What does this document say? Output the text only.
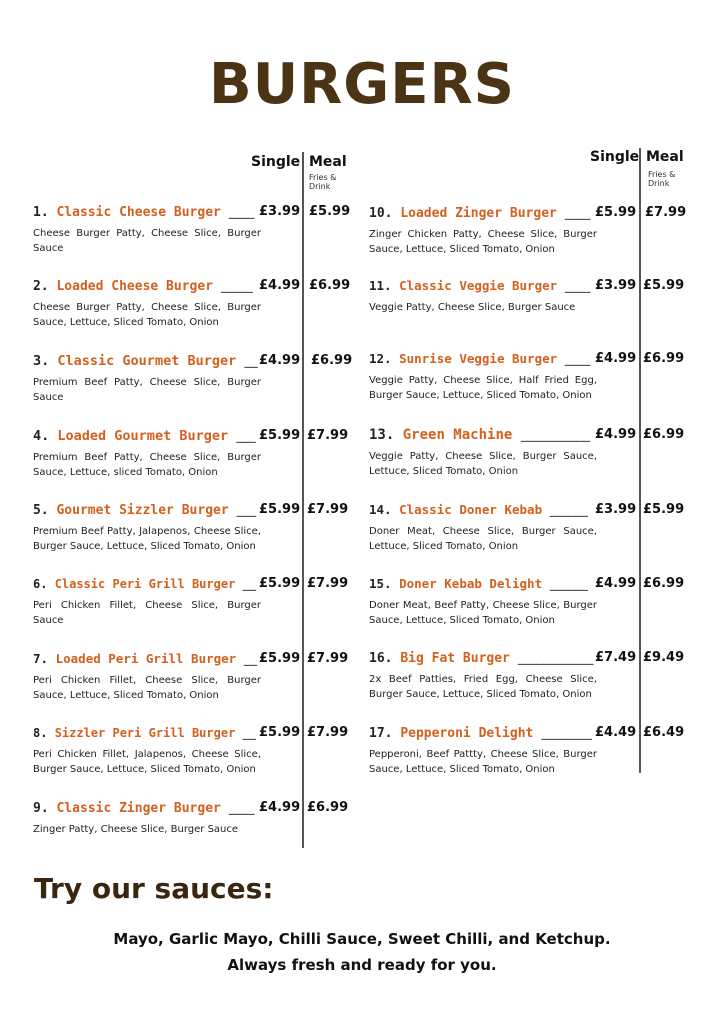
BURGERS
Single Meal
Fries & Drink
Single Meal
Fries & Drink
1. Classic Cheese Burger ____ £3.99 £5.99
Cheese Burger Patty, Cheese Slice, Burger Sauce
2. Loaded Cheese Burger _____ £4.99 £6.99
Cheese Burger Patty, Cheese Slice, Burger Sauce, Lettuce, Sliced Tomato, Onion
3. Classic Gourmet Burger __ £4.99 £6.99
Premium Beef Patty, Cheese Slice, Burger Sauce
4. Loaded Gourmet Burger ___ £5.99 £7.99
Premium Beef Patty, Cheese Slice, Burger Sauce, Lettuce, sliced Tomato, Onion
5. Gourmet Sizzler Burger ___ £5.99 £7.99
Premium Beef Patty, Jalapenos, Cheese Slice, Burger Sauce, Lettuce, Sliced Tomato, Onion
6. Classic Peri Grill Burger __ £5.99 £7.99
Peri Chicken Fillet, Cheese Slice, Burger Sauce
7. Loaded Peri Grill Burger __ £5.99 £7.99
Peri Chicken Fillet, Cheese Slice, Burger Sauce, Lettuce, Sliced Tomato, Onion
8. Sizzler Peri Grill Burger __ £5.99 £7.99
Peri Chicken Fillet, Jalapenos, Cheese Slice, Burger Sauce, Lettuce, Sliced Tomato, Onion
9. Classic Zinger Burger ____ £4.99 £6.99
Zinger Patty, Cheese Slice, Burger Sauce
10. Loaded Zinger Burger ____ £5.99 £7.99
Zinger Chicken Patty, Cheese Slice, Burger Sauce, Lettuce, Sliced Tomato, Onion
11. Classic Veggie Burger ____ £3.99 £5.99
Veggie Patty, Cheese Slice, Burger Sauce
12. Sunrise Veggie Burger ____ £4.99 £6.99
Veggie Patty, Cheese Slice, Half Fried Egg, Burger Sauce, Lettuce, Sliced Tomato, Onion
13. Green Machine ___________ £4.99 £6.99
Veggie Patty, Cheese Slice, Burger Sauce, Lettuce, Sliced Tomato, Onion
14. Classic Doner Kebab ______ £3.99 £5.99
Doner Meat, Cheese Slice, Burger Sauce, Lettuce, Sliced Tomato, Onion
15. Doner Kebab Delight ______ £4.99 £6.99
Doner Meat, Beef Patty, Cheese Slice, Burger Sauce, Lettuce, Sliced Tomato, Onion
16. Big Fat Burger ____________ £7.49 £9.49
2x Beef Patties, Fried Egg, Cheese Slice, Burger Sauce, Lettuce, Sliced Tomato, Onion
17. Pepperoni Delight ________ £4.49 £6.49
Pepperoni, Beef Pattty, Cheese Slice, Burger Sauce, Lettuce, Sliced Tomato, Onion
Try our sauces:
Mayo, Garlic Mayo, Chilli Sauce, Sweet Chilli, and Ketchup.
Always fresh and ready for you.
